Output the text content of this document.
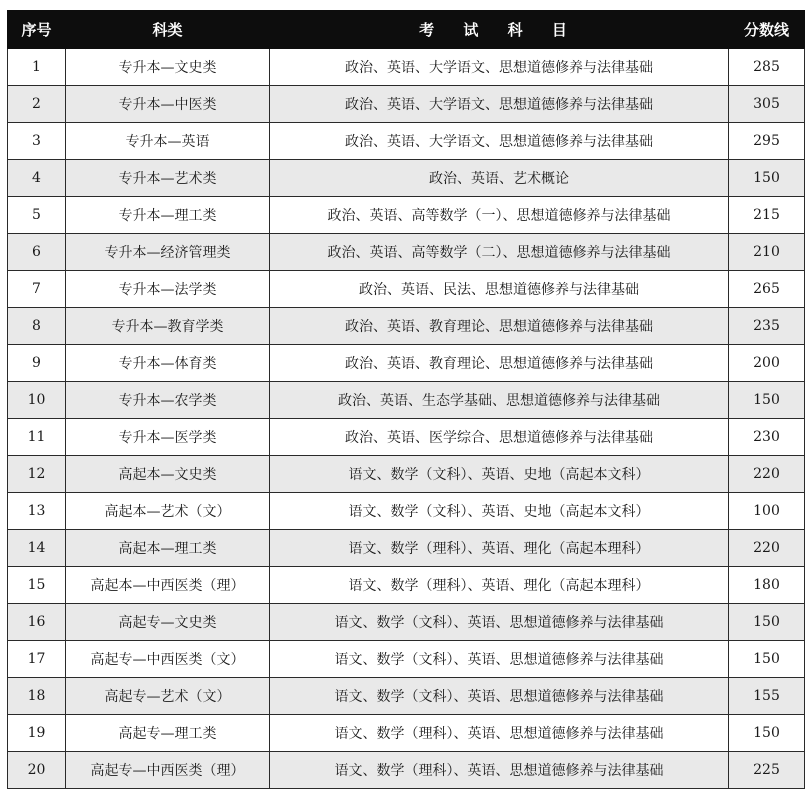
序号	科类	考 试 科 目	分数线
1	专升本—文史类	政治、英语、大学语文、思想道德修养与法律基础	285
2	专升本—中医类	政治、英语、大学语文、思想道德修养与法律基础	305
3	专升本—英语	政治、英语、大学语文、思想道德修养与法律基础	295
4	专升本—艺术类	政治、英语、艺术概论	150
5	专升本—理工类	政治、英语、高等数学（一）、思想道德修养与法律基础	215
6	专升本—经济管理类	政治、英语、高等数学（二）、思想道德修养与法律基础	210
7	专升本—法学类	政治、英语、民法、思想道德修养与法律基础	265
8	专升本—教育学类	政治、英语、教育理论、思想道德修养与法律基础	235
9	专升本—体育类	政治、英语、教育理论、思想道德修养与法律基础	200
10	专升本—农学类	政治、英语、生态学基础、思想道德修养与法律基础	150
11	专升本—医学类	政治、英语、医学综合、思想道德修养与法律基础	230
12	高起本—文史类	语文、数学（文科）、英语、史地（高起本文科）	220
13	高起本—艺术（文）	语文、数学（文科）、英语、史地（高起本文科）	100
14	高起本—理工类	语文、数学（理科）、英语、理化（高起本理科）	220
15	高起本—中西医类（理）	语文、数学（理科）、英语、理化（高起本理科）	180
16	高起专—文史类	语文、数学（文科）、英语、思想道德修养与法律基础	150
17	高起专—中西医类（文）	语文、数学（文科）、英语、思想道德修养与法律基础	150
18	高起专—艺术（文）	语文、数学（文科）、英语、思想道德修养与法律基础	155
19	高起专—理工类	语文、数学（理科）、英语、思想道德修养与法律基础	150
20	高起专—中西医类（理）	语文、数学（理科）、英语、思想道德修养与法律基础	225
